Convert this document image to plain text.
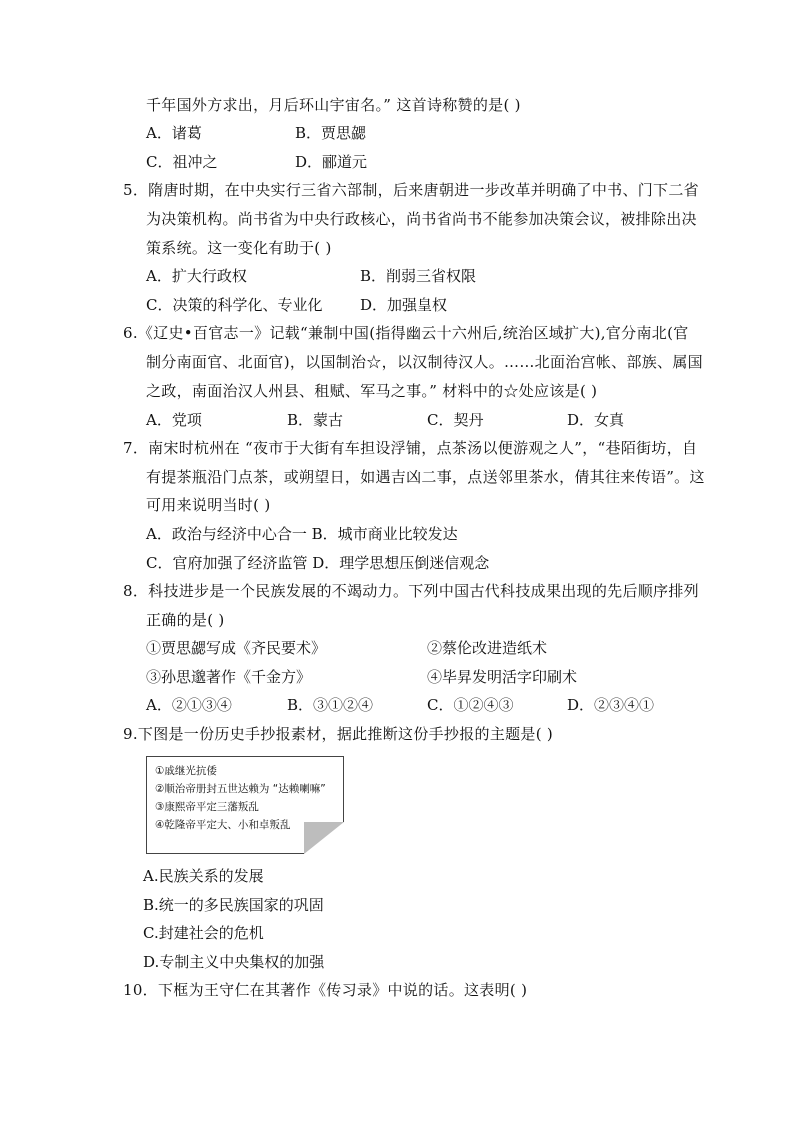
千年国外方求出，月后环山宇宙名。” 这首诗称赞的是( )
A．诸葛	B．贾思勰
C．祖冲之	D．郦道元
5．隋唐时期，在中央实行三省六部制，后来唐朝进一步改革并明确了中书、门下二省
为决策机构。尚书省为中央行政核心，尚书省尚书不能参加决策会议，被排除出决
策系统。这一变化有助于( )
A．扩大行政权	B．削弱三省权限
C．决策的科学化、专业化	D．加强皇权
6.《辽史•百官志一》记载“兼制中国(指得幽云十六州后,统治区域扩大),官分南北(官
制分南面官、北面官)，以国制治☆，以汉制待汉人。……北面治宫帐、部族、属国
之政，南面治汉人州县、租赋、军马之事。” 材料中的☆处应该是( )
A．党项	B．蒙古	C．契丹	D．女真
7．南宋时杭州在 “夜市于大街有车担设浮铺，点茶汤以便游观之人”，“巷陌街坊，自
有提茶瓶沿门点茶，或朔望日，如遇吉凶二事，点送邻里茶水，倩其往来传语”。这
可用来说明当时( )
A．政治与经济中心合一 B．城市商业比较发达
C．官府加强了经济监管 D．理学思想压倒迷信观念
8．科技进步是一个民族发展的不竭动力。下列中国古代科技成果出现的先后顺序排列
正确的是( )
①贾思勰写成《齐民要术》	②蔡伦改进造纸术
③孙思邈著作《千金方》	④毕昇发明活字印刷术
A．②①③④	B．③①②④	C．①②④③	D．②③④①
9.下图是一份历史手抄报素材，据此推断这份手抄报的主题是( )
①戚继光抗倭
②顺治帝册封五世达赖为 “达赖喇嘛”
③康熙帝平定三藩叛乱
④乾隆帝平定大、小和卓叛乱
A.民族关系的发展
B.统一的多民族国家的巩固
C.封建社会的危机
D.专制主义中央集权的加强
10．下框为王守仁在其著作《传习录》中说的话。这表明( )
